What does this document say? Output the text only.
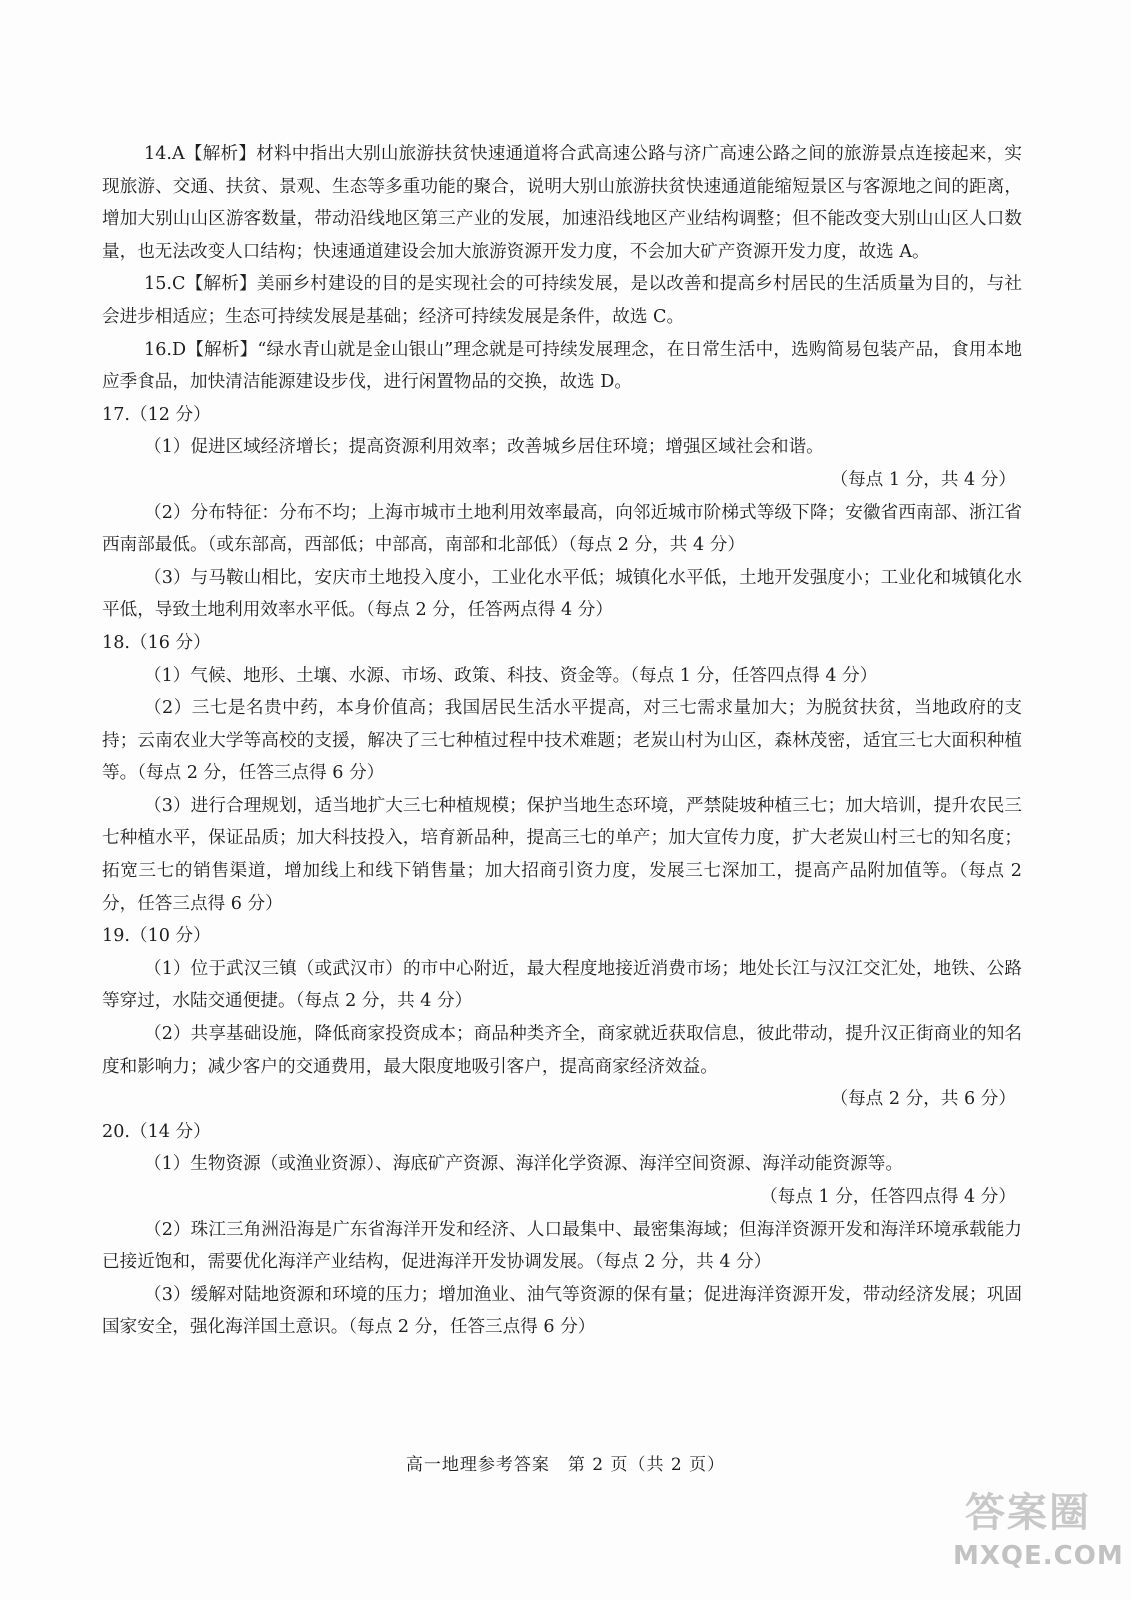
14.A【解析】材料中指出大别山旅游扶贫快速通道将合武高速公路与济广高速公路之间的旅游景点连接起来，实现旅游、交通、扶贫、景观、生态等多重功能的聚合，说明大别山旅游扶贫快速通道能缩短景区与客源地之间的距离，增加大别山山区游客数量，带动沿线地区第三产业的发展，加速沿线地区产业结构调整；但不能改变大别山山区人口数量，也无法改变人口结构；快速通道建设会加大旅游资源开发力度，不会加大矿产资源开发力度，故选 A。

15.C【解析】美丽乡村建设的目的是实现社会的可持续发展，是以改善和提高乡村居民的生活质量为目的，与社会进步相适应；生态可持续发展是基础；经济可持续发展是条件，故选 C。

16.D【解析】“绿水青山就是金山银山”理念就是可持续发展理念，在日常生活中，选购简易包装产品，食用本地应季食品，加快清洁能源建设步伐，进行闲置物品的交换，故选 D。

17.（12 分）

（1）促进区域经济增长；提高资源利用效率；改善城乡居住环境；增强区域社会和谐。

（每点 1 分，共 4 分）

（2）分布特征：分布不均；上海市城市土地利用效率最高，向邻近城市阶梯式等级下降；安徽省西南部、浙江省西南部最低。（或东部高，西部低；中部高，南部和北部低）（每点 2 分，共 4 分）

（3）与马鞍山相比，安庆市土地投入度小，工业化水平低；城镇化水平低，土地开发强度小；工业化和城镇化水平低，导致土地利用效率水平低。（每点 2 分，任答两点得 4 分）

18.（16 分）

（1）气候、地形、土壤、水源、市场、政策、科技、资金等。（每点 1 分，任答四点得 4 分）

（2）三七是名贵中药，本身价值高；我国居民生活水平提高，对三七需求量加大；为脱贫扶贫，当地政府的支持；云南农业大学等高校的支援，解决了三七种植过程中技术难题；老炭山村为山区，森林茂密，适宜三七大面积种植等。（每点 2 分，任答三点得 6 分）

（3）进行合理规划，适当地扩大三七种植规模；保护当地生态环境，严禁陡坡种植三七；加大培训，提升农民三七种植水平，保证品质；加大科技投入，培育新品种，提高三七的单产；加大宣传力度，扩大老炭山村三七的知名度；拓宽三七的销售渠道，增加线上和线下销售量；加大招商引资力度，发展三七深加工，提高产品附加值等。（每点 2 分，任答三点得 6 分）

19.（10 分）

（1）位于武汉三镇（或武汉市）的市中心附近，最大程度地接近消费市场；地处长江与汉江交汇处，地铁、公路等穿过，水陆交通便捷。（每点 2 分，共 4 分）

（2）共享基础设施，降低商家投资成本；商品种类齐全，商家就近获取信息，彼此带动，提升汉正街商业的知名度和影响力；减少客户的交通费用，最大限度地吸引客户，提高商家经济效益。

（每点 2 分，共 6 分）

20.（14 分）

（1）生物资源（或渔业资源）、海底矿产资源、海洋化学资源、海洋空间资源、海洋动能资源等。

（每点 1 分，任答四点得 4 分）

（2）珠江三角洲沿海是广东省海洋开发和经济、人口最集中、最密集海域；但海洋资源开发和海洋环境承载能力已接近饱和，需要优化海洋产业结构，促进海洋开发协调发展。（每点 2 分，共 4 分）

（3）缓解对陆地资源和环境的压力；增加渔业、油气等资源的保有量；促进海洋资源开发，带动经济发展；巩固国家安全，强化海洋国土意识。（每点 2 分，任答三点得 6 分）

高一地理参考答案　第 2 页（共 2 页）
答案圈
MXQE.COM
